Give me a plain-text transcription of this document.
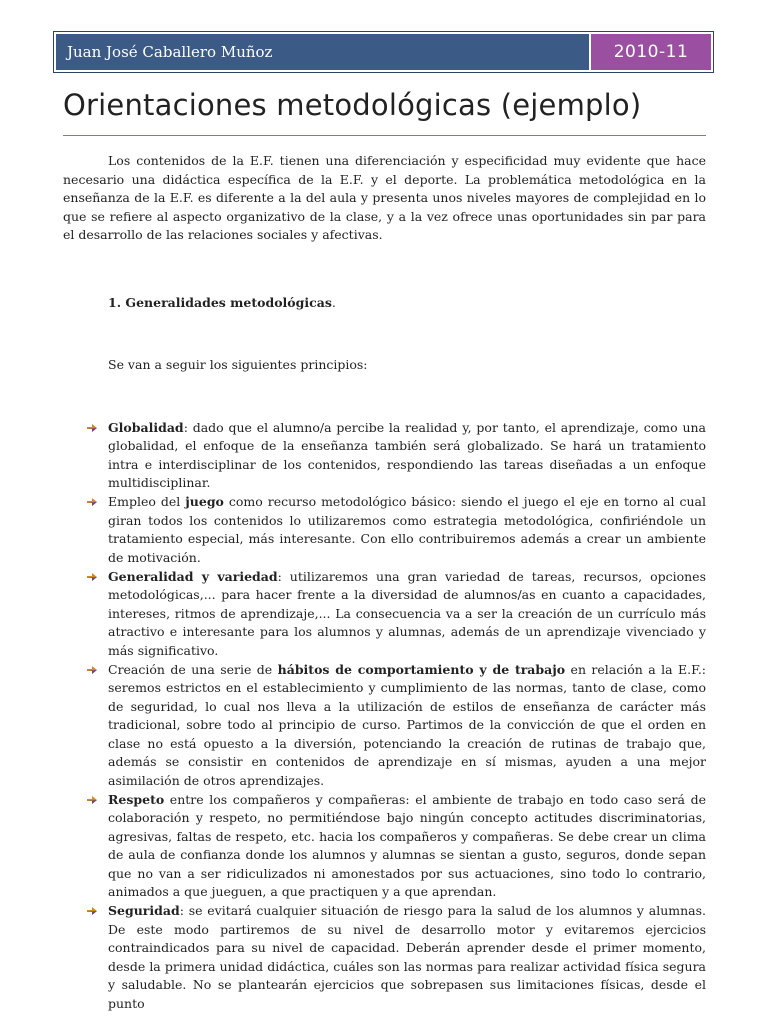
Juan José Caballero Muñoz	2010-11
Orientaciones metodológicas (ejemplo)

Los contenidos de la E.F. tienen una diferenciación y especificidad muy evidente que hace necesario una didáctica específica de la E.F. y el deporte. La problemática metodológica en la enseñanza de la E.F. es diferente a la del aula y presenta unos niveles mayores de complejidad en lo que se refiere al aspecto organizativo de la clase, y a la vez ofrece unas oportunidades sin par para el desarrollo de las relaciones sociales y afectivas.

1. Generalidades metodológicas.

Se van a seguir los siguientes principios:

Globalidad: dado que el alumno/a percibe la realidad y, por tanto, el aprendizaje, como una globalidad, el enfoque de la enseñanza también será globalizado. Se hará un tratamiento intra e interdisciplinar de los contenidos, respondiendo las tareas diseñadas a un enfoque multidisciplinar.
Empleo del juego como recurso metodológico básico: siendo el juego el eje en torno al cual giran todos los contenidos lo utilizaremos como estrategia metodológica, confiriéndole un tratamiento especial, más interesante. Con ello contribuiremos además a crear un ambiente de motivación.
Generalidad y variedad: utilizaremos una gran variedad de tareas, recursos, opciones metodológicas,... para hacer frente a la diversidad de alumnos/as en cuanto a capacidades, intereses, ritmos de aprendizaje,... La consecuencia va a ser la creación de un currículo más atractivo e interesante para los alumnos y alumnas, además de un aprendizaje vivenciado y más significativo.
Creación de una serie de hábitos de comportamiento y de trabajo en relación a la E.F.: seremos estrictos en el establecimiento y cumplimiento de las normas, tanto de clase, como de seguridad, lo cual nos lleva a la utilización de estilos de enseñanza de carácter más tradicional, sobre todo al principio de curso. Partimos de la convicción de que el orden en clase no está opuesto a la diversión, potenciando la creación de rutinas de trabajo que, además se consistir en contenidos de aprendizaje en sí mismas, ayuden a una mejor asimilación de otros aprendizajes.
Respeto entre los compañeros y compañeras: el ambiente de trabajo en todo caso será de colaboración y respeto, no permitiéndose bajo ningún concepto actitudes discriminatorias, agresivas, faltas de respeto, etc. hacia los compañeros y compañeras. Se debe crear un clima de aula de confianza donde los alumnos y alumnas se sientan a gusto, seguros, donde sepan que no van a ser ridiculizados ni amonestados por sus actuaciones, sino todo lo contrario, animados a que jueguen, a que practiquen y a que aprendan.
Seguridad: se evitará cualquier situación de riesgo para la salud de los alumnos y alumnas. De este modo partiremos de su nivel de desarrollo motor y evitaremos ejercicios contraindicados para su nivel de capacidad. Deberán aprender desde el primer momento, desde la primera unidad didáctica, cuáles son las normas para realizar actividad física segura y saludable. No se plantearán ejercicios que sobrepasen sus limitaciones físicas, desde el punto
